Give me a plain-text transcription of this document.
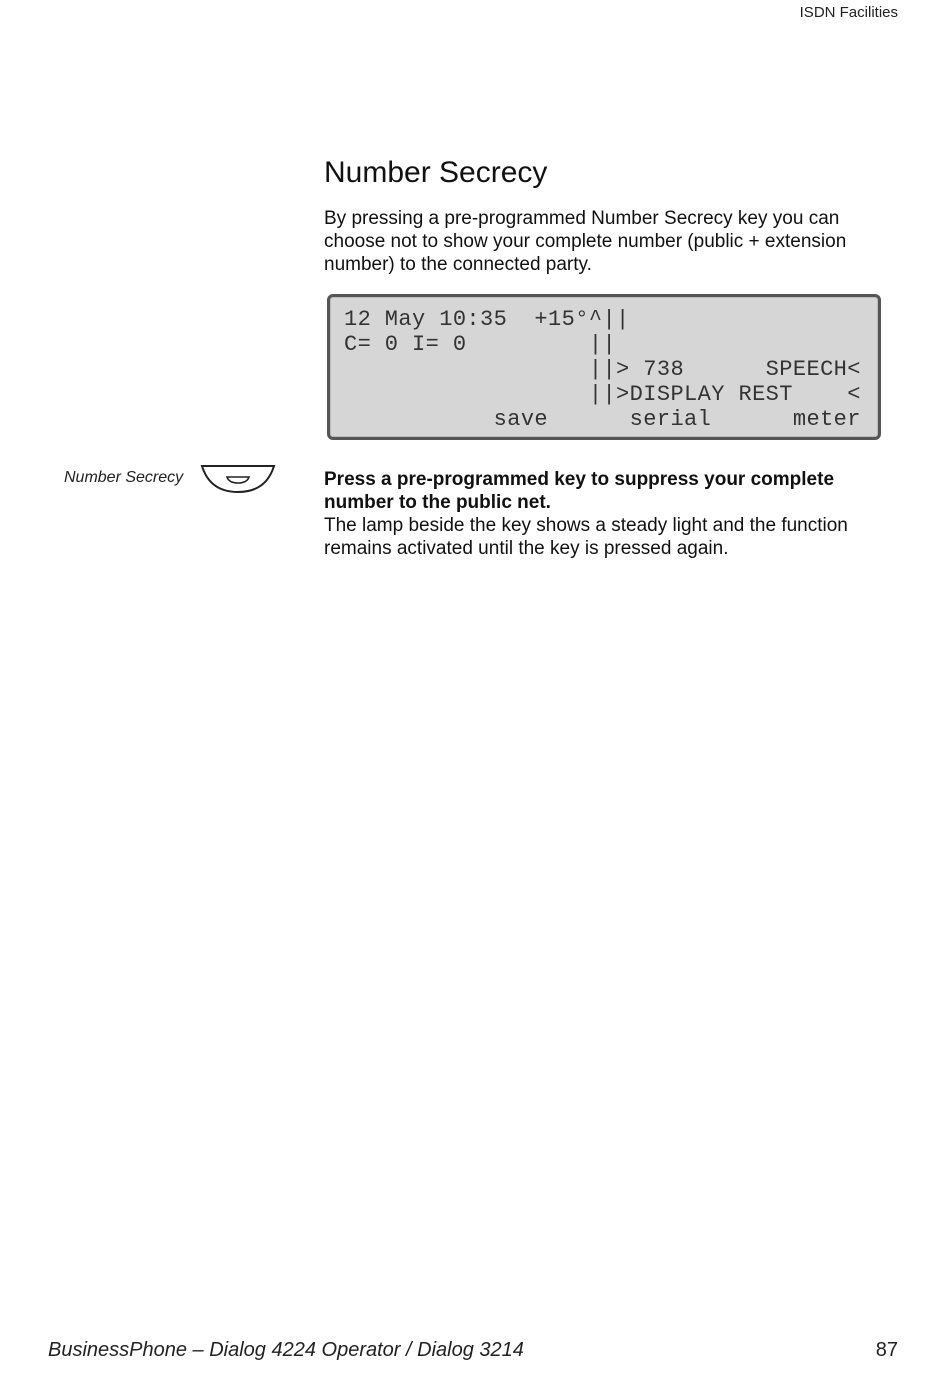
ISDN Facilities
Number Secrecy
By pressing a pre-programmed Number Secrecy key you can choose not to show your complete number (public + extension number) to the connected party.
12 May 10:35  +15°^||
C= 0 I= 0         ||
||> 738      SPEECH<
||>DISPLAY REST    <
save      serial      meter
Number Secrecy	Press a pre-programmed key to suppress your complete number to the public net.
The lamp beside the key shows a steady light and the function remains activated until the key is pressed again.
BusinessPhone – Dialog 4224 Operator / Dialog 3214	87
